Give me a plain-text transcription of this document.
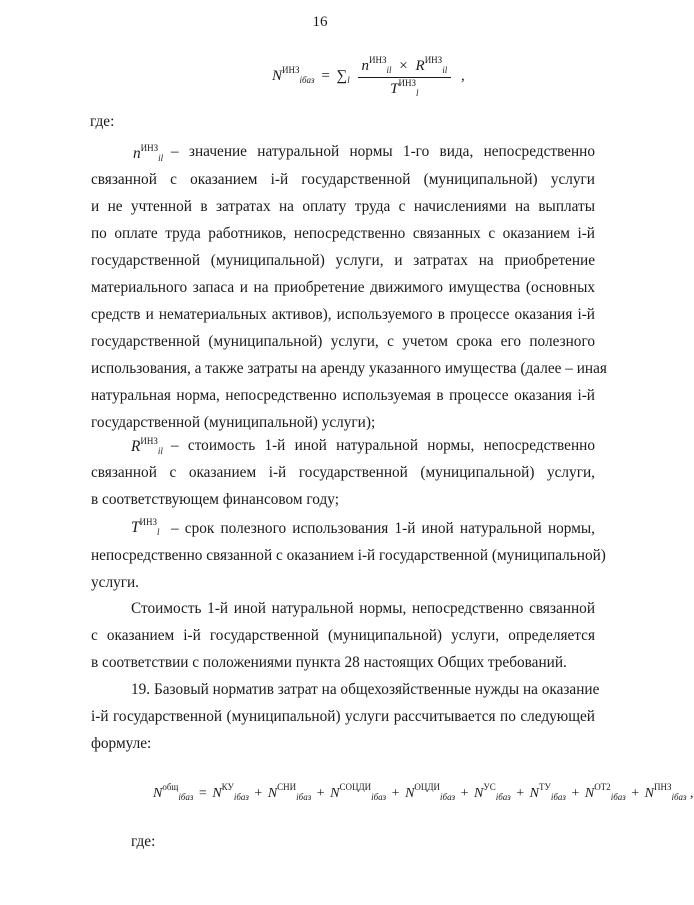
16
$N^{ИНЗ}_{iбаз} = \sum_l \frac{n^{ИНЗ}_{il} \times R^{ИНЗ}_{il}}{T^{ИНЗ}_l}$ ,
где:
$n^{ИНЗ}_{il}$ – значение натуральной нормы 1-го вида, непосредственно
связанной с оказанием i-й государственной (муниципальной) услуги
и не учтенной в затратах на оплату труда с начислениями на выплаты
по оплате труда работников, непосредственно связанных с оказанием i-й
государственной (муниципальной) услуги, и затратах на приобретение
материального запаса и на приобретение движимого имущества (основных
средств и нематериальных активов), используемого в процессе оказания i-й
государственной (муниципальной) услуги, с учетом срока его полезного
использования, а также затраты на аренду указанного имущества (далее – иная
натуральная норма, непосредственно используемая в процессе оказания i-й
государственной (муниципальной) услуги);
$R^{ИНЗ}_{il}$ – стоимость 1-й иной натуральной нормы, непосредственно
связанной с оказанием i-й государственной (муниципальной) услуги,
в соответствующем финансовом году;
$T^{ИНЗ}_l$ – срок полезного использования 1-й иной натуральной нормы,
непосредственно связанной с оказанием i-й государственной (муниципальной)
услуги.
Стоимость 1-й иной натуральной нормы, непосредственно связанной
с оказанием i-й государственной (муниципальной) услуги, определяется
в соответствии с положениями пункта 28 настоящих Общих требований.
19. Базовый норматив затрат на общехозяйственные нужды на оказание
i-й государственной (муниципальной) услуги рассчитывается по следующей
формуле:
$N^{общ}_{iбаз} = N^{КУ}_{iбаз} + N^{СНИ}_{iбаз} + N^{СОЦДИ}_{iбаз} + N^{ОЦДИ}_{iбаз} + N^{УС}_{iбаз} + N^{ТУ}_{iбаз} + N^{ОТ2}_{iбаз} + N^{ПНЗ}_{iбаз}$ ,
где:
